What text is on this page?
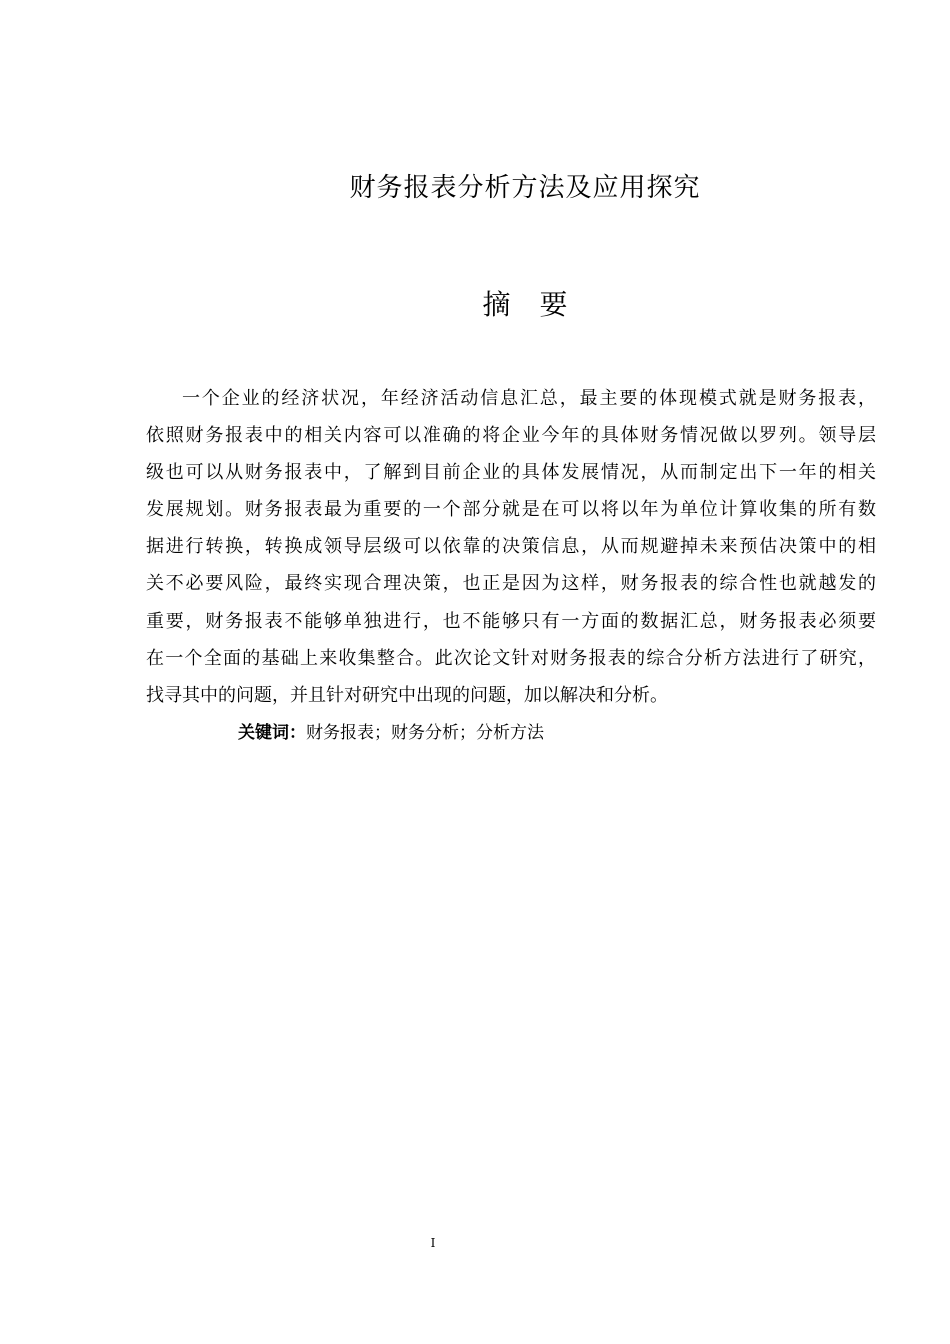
财务报表分析方法及应用探究
摘 要
一个企业的经济状况，年经济活动信息汇总，最主要的体现模式就是财务报表，
依照财务报表中的相关内容可以准确的将企业今年的具体财务情况做以罗列。领导层
级也可以从财务报表中，了解到目前企业的具体发展情况，从而制定出下一年的相关
发展规划。财务报表最为重要的一个部分就是在可以将以年为单位计算收集的所有数
据进行转换，转换成领导层级可以依靠的决策信息，从而规避掉未来预估决策中的相
关不必要风险，最终实现合理决策，也正是因为这样，财务报表的综合性也就越发的
重要，财务报表不能够单独进行，也不能够只有一方面的数据汇总，财务报表必须要
在一个全面的基础上来收集整合。此次论文针对财务报表的综合分析方法进行了研究，
找寻其中的问题，并且针对研究中出现的问题，加以解决和分析。
关键词：财务报表；财务分析；分析方法
I
